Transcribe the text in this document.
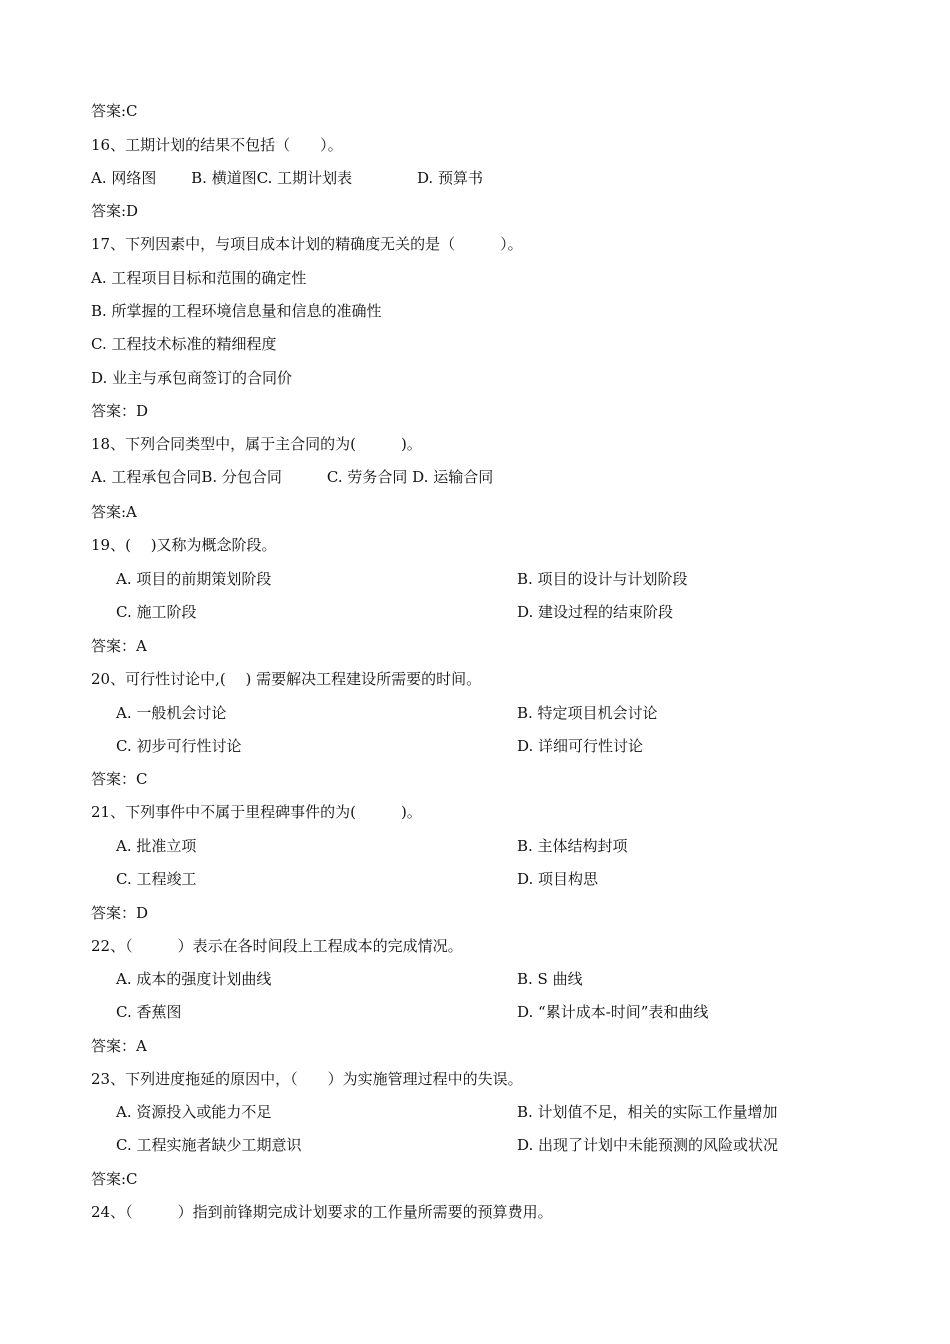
答案:C
16、工期计划的结果不包括（　　）。
A. 网络图　　 B. 横道图C. 工期计划表　　　　 D. 预算书
答案:D
17、下列因素中，与项目成本计划的精确度无关的是（　　　）。
A. 工程项目目标和范围的确定性
B. 所掌握的工程环境信息量和信息的准确性
C. 工程技术标准的精细程度
D. 业主与承包商签订的合同价
答案：D
18、下列合同类型中，属于主合同的为(　　　)。
A. 工程承包合同B. 分包合同　　　C. 劳务合同 D. 运输合同
答案:A
19、(　 )又称为概念阶段。
A. 项目的前期策划阶段	B. 项目的设计与计划阶段
C. 施工阶段	D. 建设过程的结束阶段
答案：A
20、可行性讨论中,(　 ) 需要解决工程建设所需要的时间。
A. 一般机会讨论	B. 特定项目机会讨论
C. 初步可行性讨论	D. 详细可行性讨论
答案：C
21、下列事件中不属于里程碑事件的为(　　　)。
A. 批准立项	B. 主体结构封项
C. 工程竣工	D. 项目构思
答案：D
22、（　　　）表示在各时间段上工程成本的完成情况。
A. 成本的强度计划曲线	B. S 曲线
C. 香蕉图	D. “累计成本-时间”表和曲线
答案：A
23、下列进度拖延的原因中，（　　）为实施管理过程中的失误。
A. 资源投入或能力不足	B. 计划值不足，相关的实际工作量增加
C. 工程实施者缺少工期意识	D. 出现了计划中未能预测的风险或状况
答案:C
24、（　　　）指到前锋期完成计划要求的工作量所需要的预算费用。
